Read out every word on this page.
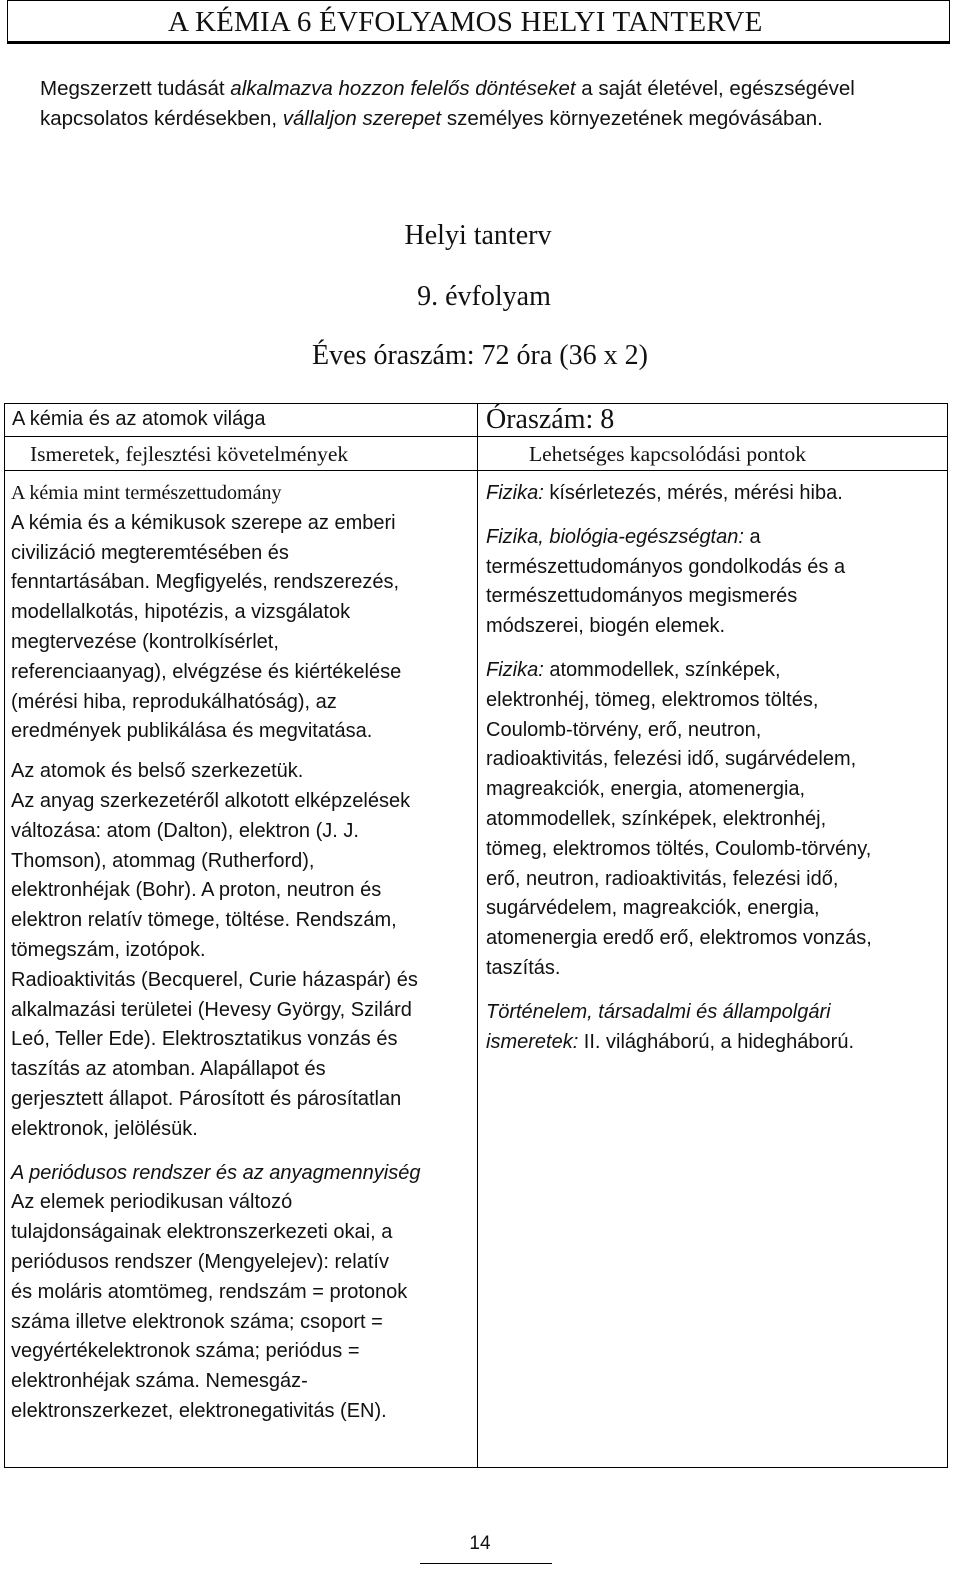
A KÉMIA 6 ÉVFOLYAMOS HELYI TANTERVE
Megszerzett tudását alkalmazva hozzon felelős döntéseket a saját életével, egészségével
kapcsolatos kérdésekben, vállaljon szerepet személyes környezetének megóvásában.
Helyi tanterv
9. évfolyam
Éves óraszám: 72 óra (36 x 2)
A kémia és az atomok világa	Óraszám: 8
Ismeretek, fejlesztési követelmények	Lehetséges kapcsolódási pontok

A kémia mint természettudomány

A kémia és a kémikusok szerepe az emberi

civilizáció megteremtésében és

fenntartásában. Megfigyelés, rendszerezés,

modellalkotás, hipotézis, a vizsgálatok

megtervezése (kontrolkísérlet,

referenciaanyag), elvégzése és kiértékelése

(mérési hiba, reprodukálhatóság), az

eredmények publikálása és megvitatása.

Az atomok és belső szerkezetük.

Az anyag szerkezetéről alkotott elképzelések

változása: atom (Dalton), elektron (J. J.

Thomson), atommag (Rutherford),

elektronhéjak (Bohr). A proton, neutron és

elektron relatív tömege, töltése. Rendszám,

tömegszám, izotópok.

Radioaktivitás (Becquerel, Curie házaspár) és

alkalmazási területei (Hevesy György, Szilárd

Leó, Teller Ede). Elektrosztatikus vonzás és

taszítás az atomban. Alapállapot és

gerjesztett állapot. Párosított és párosítatlan

elektronok, jelölésük.

A periódusos rendszer és az anyagmennyiség

Az elemek periodikusan változó

tulajdonságainak elektronszerkezeti okai, a

periódusos rendszer (Mengyelejev): relatív

és moláris atomtömeg, rendszám = protonok

száma illetve elektronok száma; csoport =

vegyértékelektronok száma; periódus =

elektronhéjak száma. Nemesgáz-

elektronszerkezet, elektronegativitás (EN).

Fizika: kísérletezés, mérés, mérési hiba.

Fizika, biológia-egészségtan: a

természettudományos gondolkodás és a

természettudományos megismerés

módszerei, biogén elemek.

Fizika: atommodellek, színképek,

elektronhéj, tömeg, elektromos töltés,

Coulomb-törvény, erő, neutron,

radioaktivitás, felezési idő, sugárvédelem,

magreakciók, energia, atomenergia,

atommodellek, színképek, elektronhéj,

tömeg, elektromos töltés, Coulomb-törvény,

erő, neutron, radioaktivitás, felezési idő,

sugárvédelem, magreakciók, energia,

atomenergia eredő erő, elektromos vonzás,

taszítás.

Történelem, társadalmi és állampolgári

ismeretek: II. világháború, a hidegháború.

14
